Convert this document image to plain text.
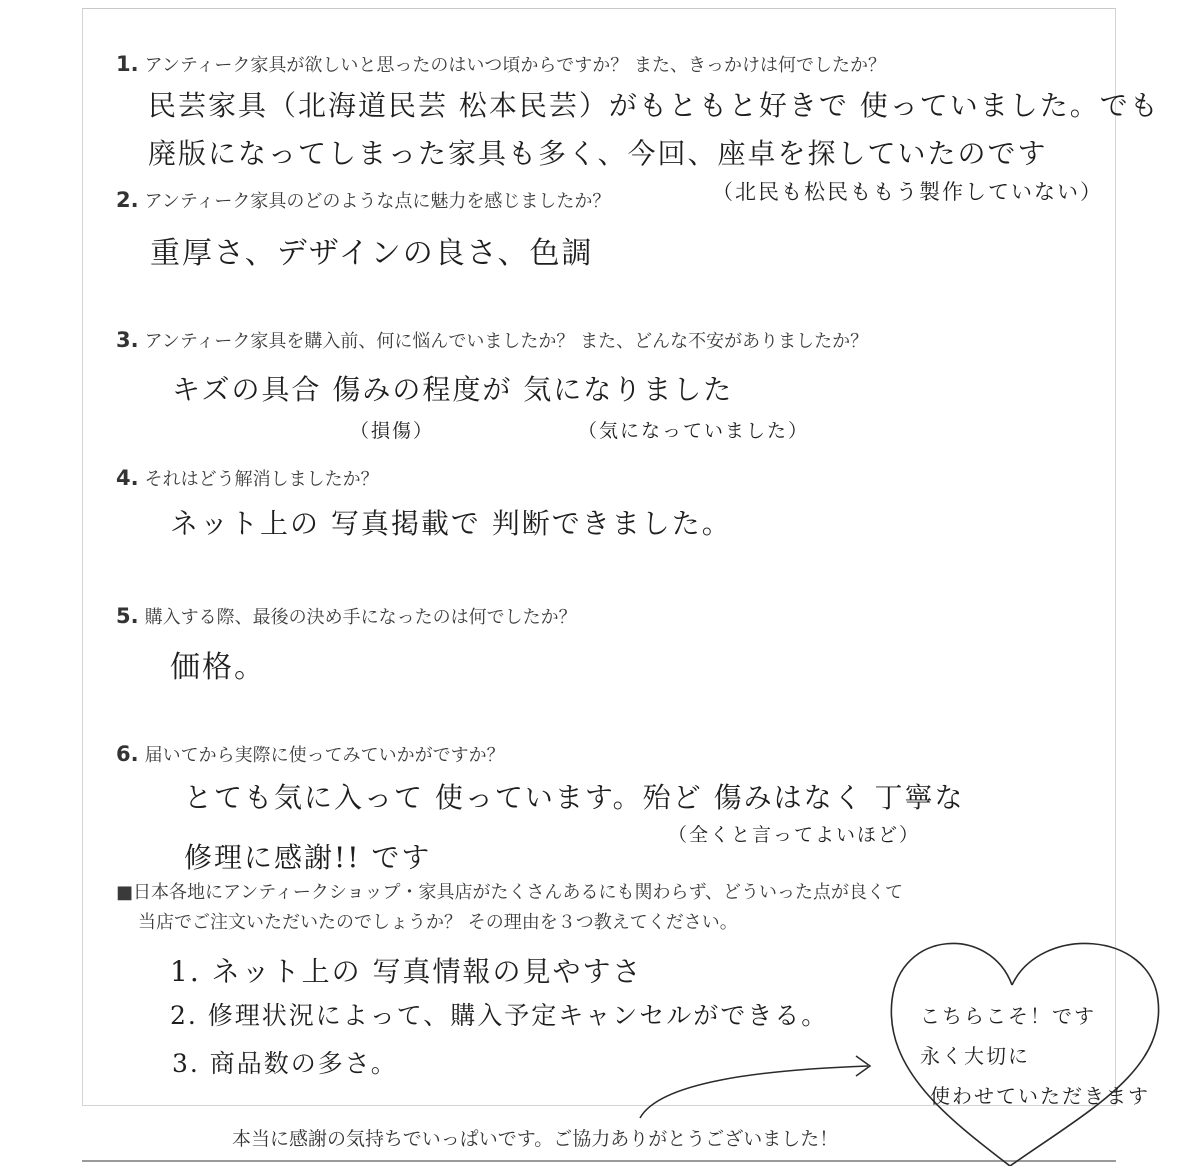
1. アンティーク家具が欲しいと思ったのはいつ頃からですか？ また、きっかけは何でしたか？
民芸家具（北海道民芸 松本民芸）がもともと好きで 使っていました。でも
廃版になってしまった家具も多く、今回、座卓を探していたのです
（北民も松民ももう製作していない）
2. アンティーク家具のどのような点に魅力を感じましたか？
重厚さ、デザインの良さ、色調
3. アンティーク家具を購入前、何に悩んでいましたか？ また、どんな不安がありましたか？
キズの具合 傷みの程度が 気になりました
（損傷）	（気になっていました）
4. それはどう解消しましたか？
ネット上の 写真掲載で 判断できました。
5. 購入する際、最後の決め手になったのは何でしたか？
価格。
6. 届いてから実際に使ってみていかがですか？
とても気に入って 使っています。殆ど 傷みはなく 丁寧な
（全くと言ってよいほど）
修理に感謝!! です
■日本各地にアンティークショップ・家具店がたくさんあるにも関わらず、どういった点が良くて
当店でご注文いただいたのでしょうか？ その理由を３つ教えてください。
1. ネット上の 写真情報の見やすさ
2. 修理状況によって、購入予定キャンセルができる。
3. 商品数の多さ。
こちらこそ！です
永く大切に
使わせていただきます
本当に感謝の気持ちでいっぱいです。ご協力ありがとうございました！
